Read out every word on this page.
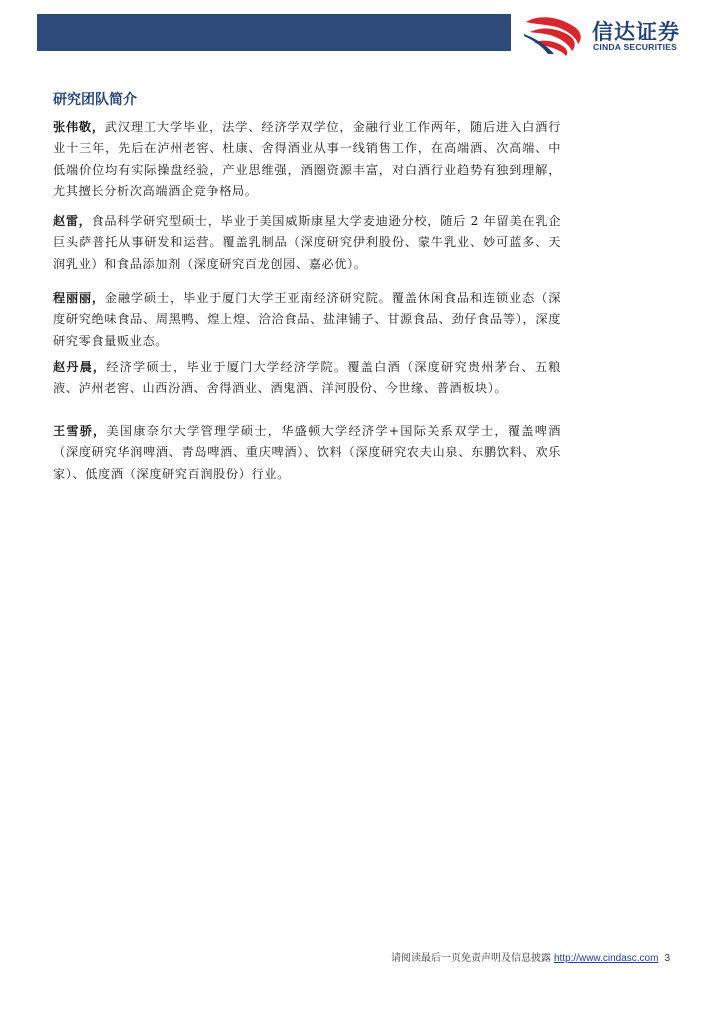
信达证券
CINDA SECURITIES
研究团队简介

张伟敬，武汉理工大学毕业，法学、经济学双学位，金融行业工作两年，随后进入白酒行业十三年，先后在泸州老窖、杜康、舍得酒业从事一线销售工作，在高端酒、次高端、中低端价位均有实际操盘经验，产业思维强，酒圈资源丰富，对白酒行业趋势有独到理解，尤其擅长分析次高端酒企竞争格局。

赵雷，食品科学研究型硕士，毕业于美国威斯康星大学麦迪逊分校，随后 2 年留美在乳企巨头萨普托从事研发和运营。覆盖乳制品（深度研究伊利股份、蒙牛乳业、妙可蓝多、天润乳业）和食品添加剂（深度研究百龙创园、嘉必优）。

程丽丽，金融学硕士，毕业于厦门大学王亚南经济研究院。覆盖休闲食品和连锁业态（深度研究绝味食品、周黑鸭、煌上煌、洽洽食品、盐津铺子、甘源食品、劲仔食品等），深度研究零食量贩业态。

赵丹晨，经济学硕士，毕业于厦门大学经济学院。覆盖白酒（深度研究贵州茅台、五粮液、泸州老窖、山西汾酒、舍得酒业、酒鬼酒、洋河股份、今世缘、普酒板块）。

王雪骄，美国康奈尔大学管理学硕士，华盛顿大学经济学+国际关系双学士，覆盖啤酒（深度研究华润啤酒、青岛啤酒、重庆啤酒）、饮料（深度研究农夫山泉、东鹏饮料、欢乐家）、低度酒（深度研究百润股份）行业。

请阅读最后一页免责声明及信息披露 http://www.cindasc.com 3
